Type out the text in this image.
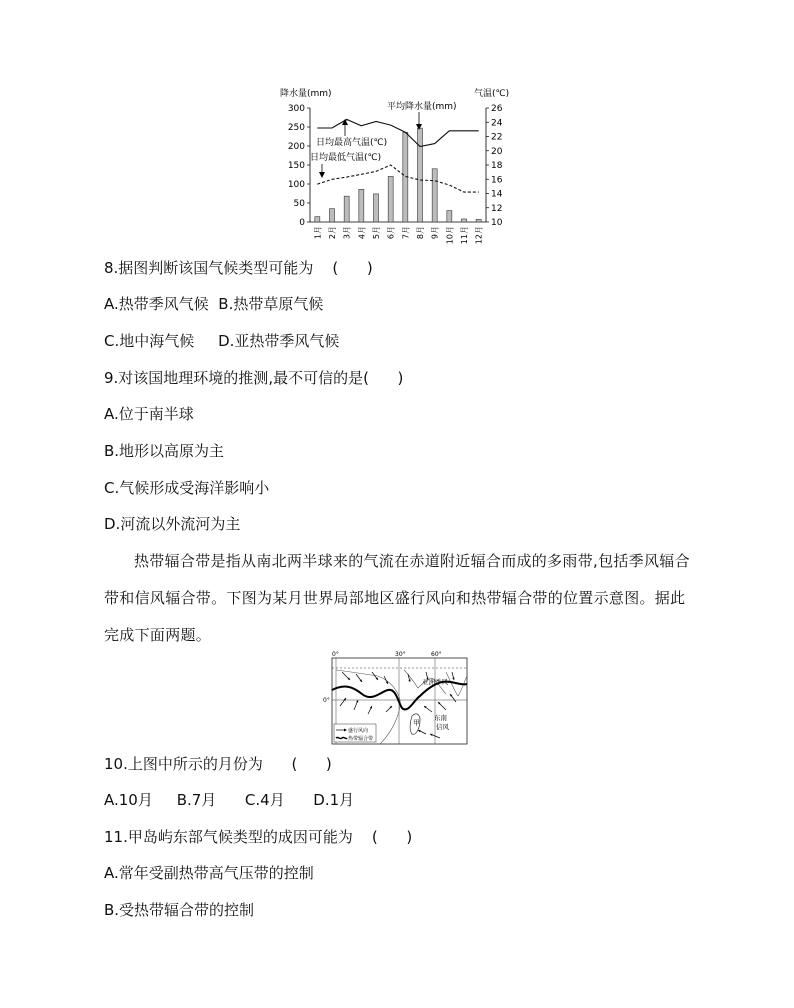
降水量(mm)	气温(℃)
平均降水量(mm)
日均最高气温(℃)
日均最低气温(℃)
0
50
100
150
200
250
300
10
12
14
16
18
20
22
24
26
1月 2月 3月 4月 5月 6月 7月 8月 9月 10月 11月 12月
8.据图判断该国气候类型可能为    (      )
A.热带季风气候  B.热带草原气候
C.地中海气候     D.亚热带季风气候
9.对该国地理环境的推测,最不可信的是(      )
A.位于南半球
B.地形以高原为主
C.气候形成受海洋影响小
D.河流以外流河为主
热带辐合带是指从南北两半球来的气流在赤道附近辐合而成的多雨带,包括季风辐合带和信风辐合带。下图为某月世界局部地区盛行风向和热带辐合带的位置示意图。据此完成下面两题。
0°	30°	60°
0°
亚洲季风
东南
信风
甲
盛行风向
热带辐合带
10.上图中所示的月份为      (      )
A.10月     B.7月      C.4月      D.1月
11.甲岛屿东部气候类型的成因可能为    (      )
A.常年受副热带高气压带的控制
B.受热带辐合带的控制
